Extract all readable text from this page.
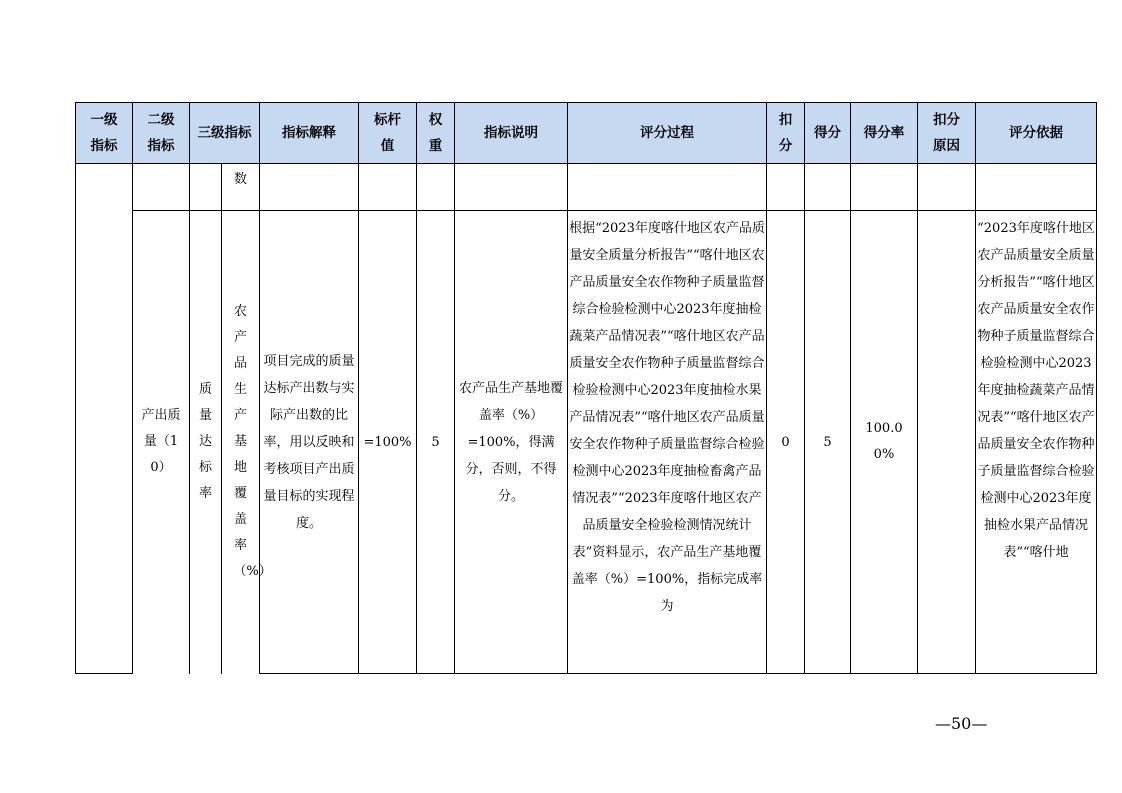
一级指标	二级指标	三级指标		指标解释	标杆值	权重	指标说明	评分过程	扣分	得分	得分率	扣分原因	评分依据
			数										
	产出质量（10）	质量达标率	农产品生产基地覆盖率（%）	项目完成的质量达标产出数与实际产出数的比率，用以反映和考核项目产出质量目标的实现程度。	=100%	5	农产品生产基地覆盖率（%）=100%，得满分，否则，不得分。	根据“2023年度喀什地区农产品质量安全质量分析报告”“喀什地区农产品质量安全农作物种子质量监督综合检验检测中心2023年度抽检蔬菜产品情况表”“喀什地区农产品质量安全农作物种子质量监督综合检验检测中心2023年度抽检水果产品情况表”“喀什地区农产品质量安全农作物种子质量监督综合检验检测中心2023年度抽检畜禽产品情况表”“2023年度喀什地区农产品质量安全检验检测情况统计表”资料显示，农产品生产基地覆盖率（%）=100%，指标完成率为	0	5	100.00%		“2023年度喀什地区农产品质量安全质量分析报告”“喀什地区农产品质量安全农作物种子质量监督综合检验检测中心2023年度抽检蔬菜产品情况表”“喀什地区农产品质量安全农作物种子质量监督综合检验检测中心2023年度抽检水果产品情况表”“喀什地
—50—
